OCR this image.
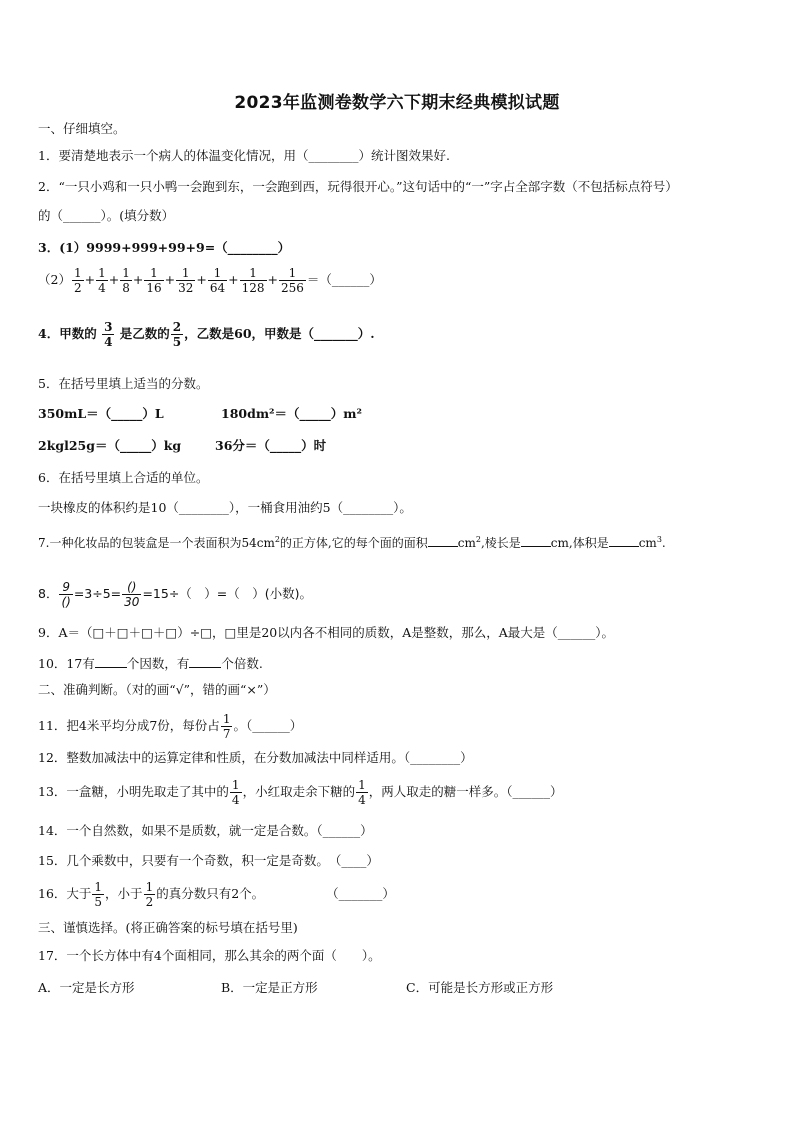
2023年监测卷数学六下期末经典模拟试题
一、仔细填空。
1．要清楚地表示一个病人的体温变化情况，用（________）统计图效果好.
2．“一只小鸡和一只小鸭一会跑到东，一会跑到西，玩得很开心。”这句话中的“一”字占全部字数（不包括标点符号）
的（______）。(填分数）
3．(1）9999+999+99+9=（________）
$(2) \frac{1}{2} + \frac{1}{4} + \frac{1}{8} + \frac{1}{16} + \frac{1}{32} + \frac{1}{64} + \frac{1}{128} + \frac{1}{256}$ ＝（______）
4．甲数的 $\frac{3}{4}$ 是乙数的 $\frac{2}{5}$ ，乙数是60，甲数是（_______）.
5．在括号里填上适当的分数。
350mL＝（_____）L	180dm²＝（_____）m²
2kgl25g＝（_____）kg	36分＝（_____）时
6．在括号里填上合适的单位。
一块橡皮的体积约是10（________），一桶食用油约5（________）。
7.一种化妆品的包装盒是一个表面积为$54cm^2$的正方体,它的每个面的面积	$cm^2$,棱长是	cm,体积是	$cm^3$.
8． $\frac{9}{()} =3\div 5= \frac{()}{30} =15\div$（　）=（　）(小数)。
9．A＝（□＋□＋□＋□）÷□，□里是20以内各不相同的质数，A是整数，那么，A最大是（______）。
10．17有	个因数，有	个倍数.
二、准确判断。（对的画“√”，错的画“×”）
11．把4米平均分成7份，每份占 $\frac{1}{7}$ 。（______）
12．整数加减法中的运算定律和性质，在分数加减法中同样适用。（________）
13．一盒糖，小明先取走了其中的 $\frac{1}{4}$ ，小红取走余下糖的 $\frac{1}{4}$ ，两人取走的糖一样多。（______）
14．一个自然数，如果不是质数，就一定是合数。（______）
15．几个乘数中，只要有一个奇数，积一定是奇数。　（____）
16．大于 $\frac{1}{5}$ ，小于 $\frac{1}{2}$ 的真分数只有2个。	（_______）
三、谨慎选择。(将正确答案的标号填在括号里)
17．一个长方体中有4个面相同，那么其余的两个面（　　）。
A．一定是长方形	B．一定是正方形	C．可能是长方形或正方形
